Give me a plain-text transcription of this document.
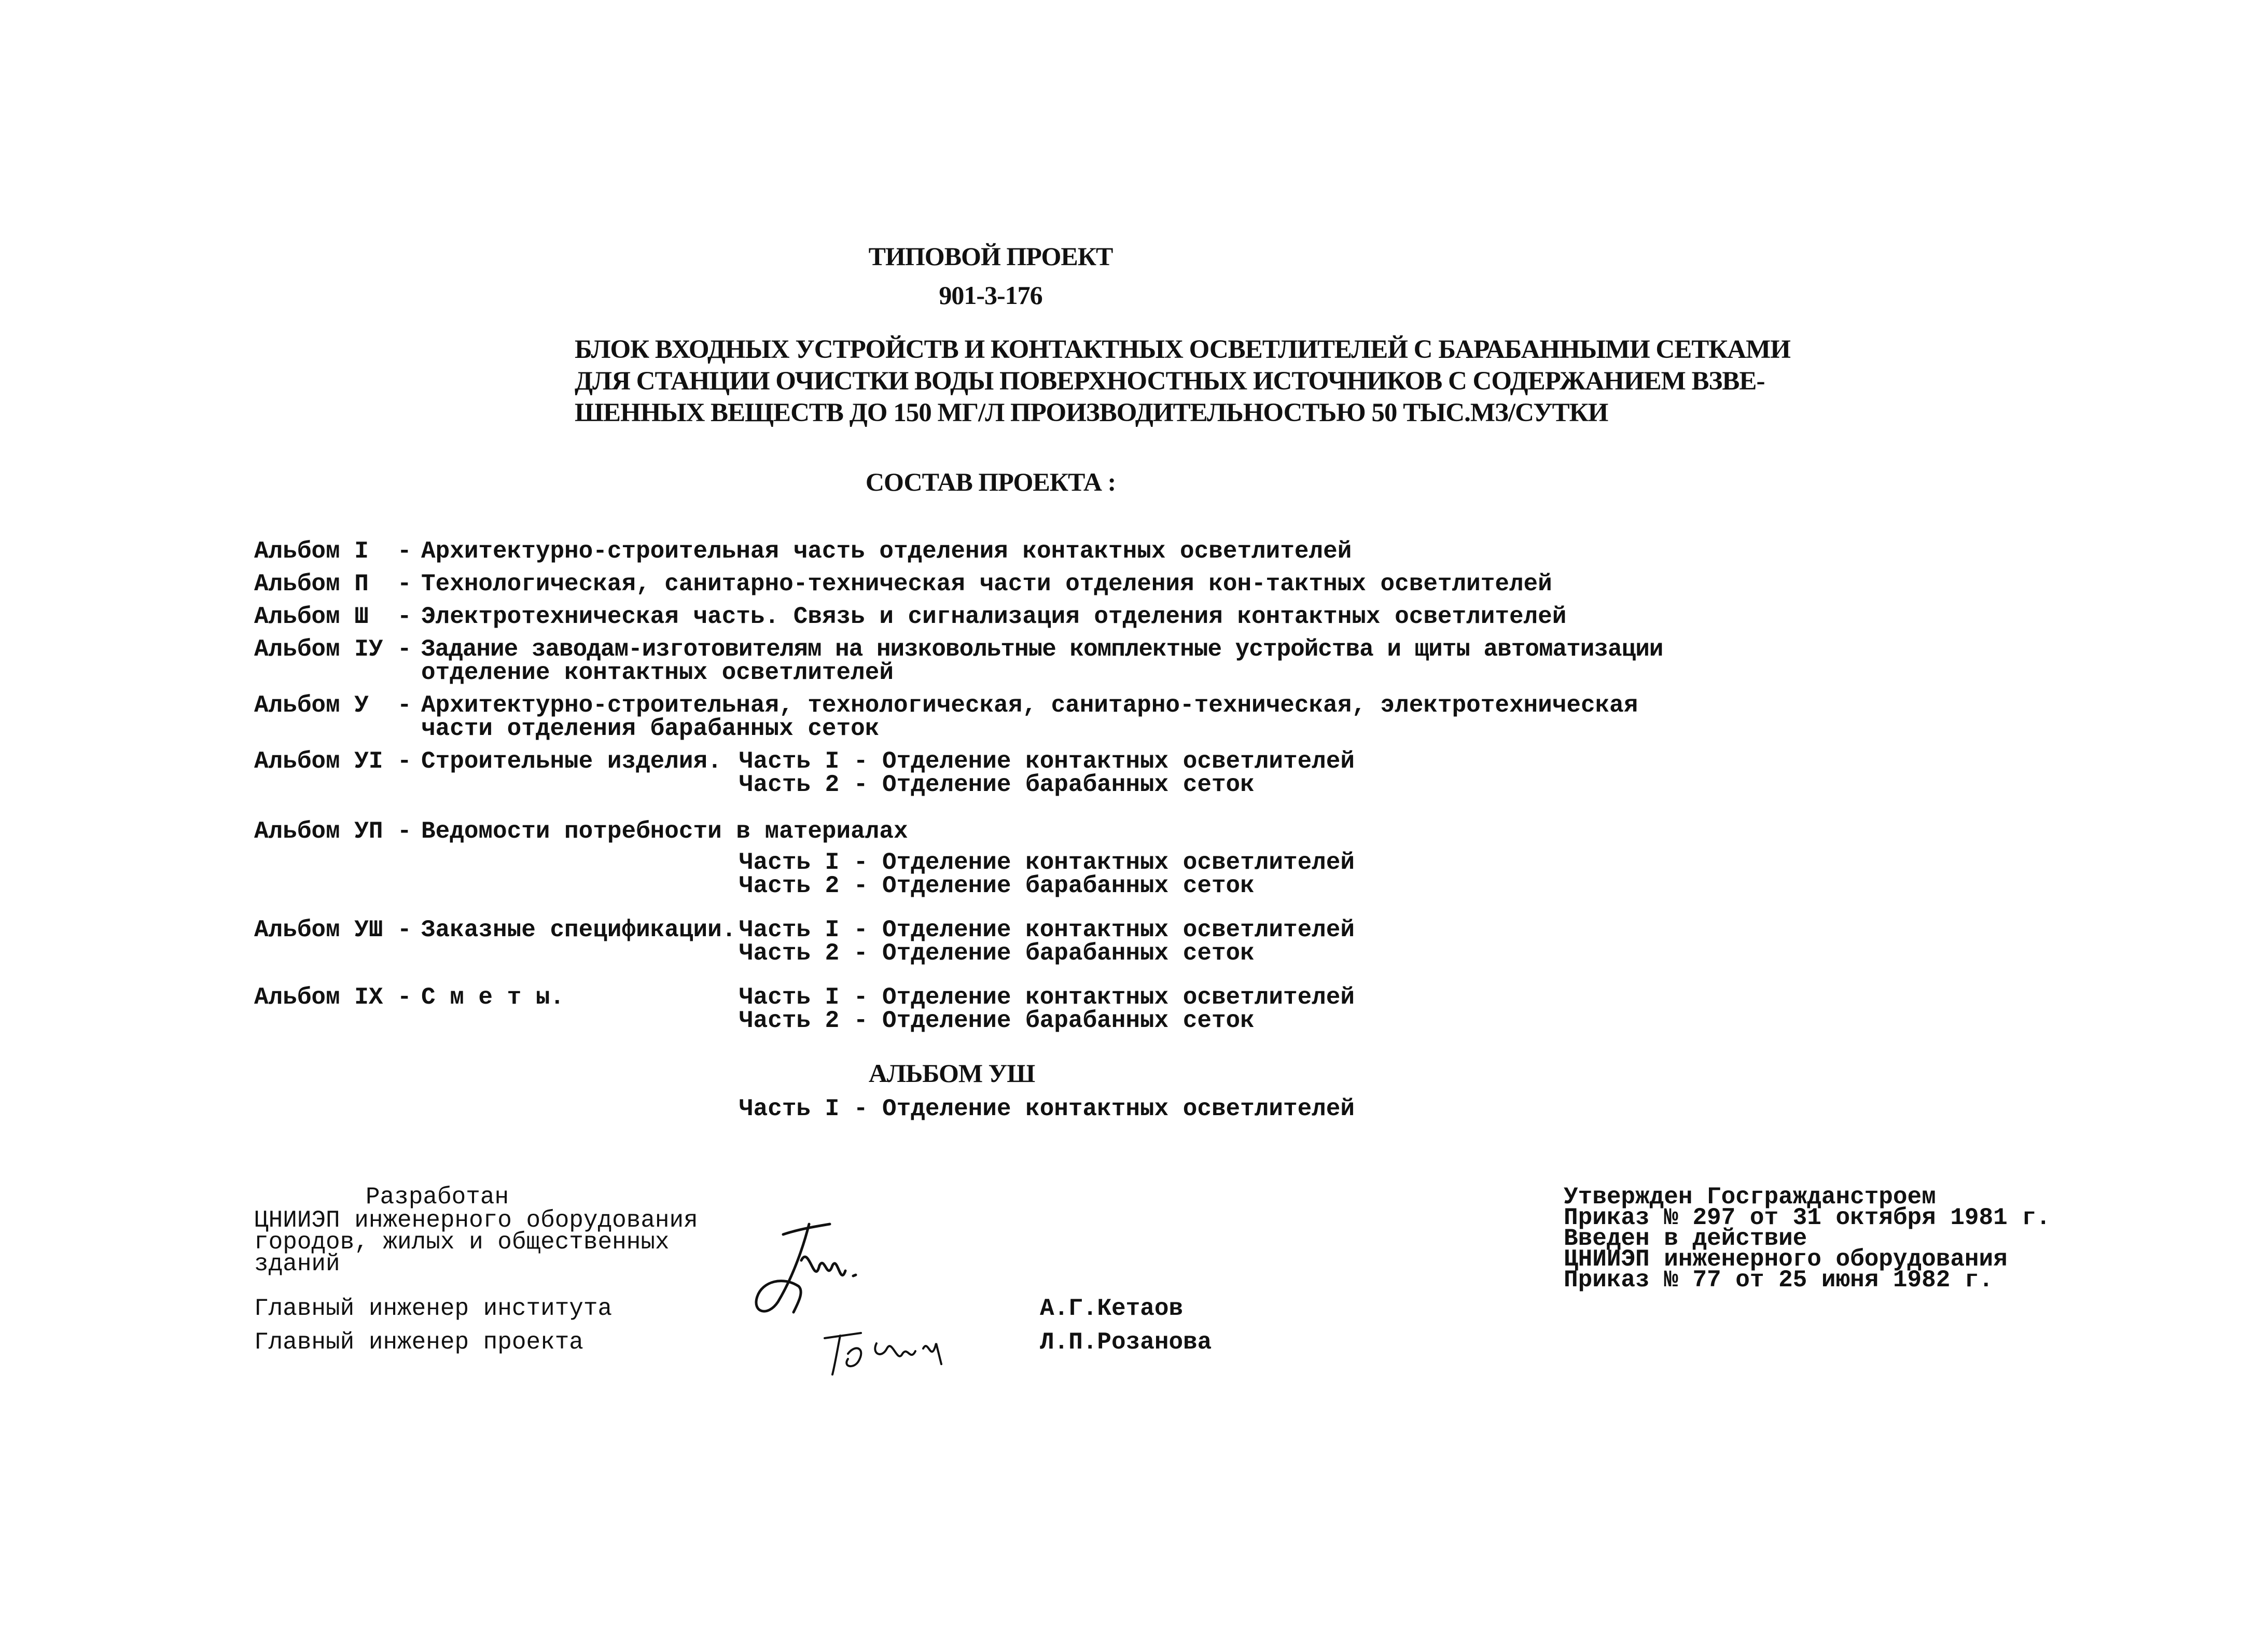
ТИПОВОЙ ПРОЕКТ
901-3-176
БЛОК ВХОДНЫХ УСТРОЙСТВ И КОНТАКТНЫХ ОСВЕТЛИТЕЛЕЙ С БАРАБАННЫМИ СЕТКАМИ
ДЛЯ СТАНЦИИ ОЧИСТКИ ВОДЫ ПОВЕРХНОСТНЫХ ИСТОЧНИКОВ С СОДЕРЖАНИЕМ ВЗВЕ-
ШЕННЫХ ВЕЩЕСТВ ДО 150 МГ/Л ПРОИЗВОДИТЕЛЬНОСТЬЮ 50 ТЫС.МЗ/СУТКИ
СОСТАВ ПРОЕКТА :
Альбом I  - Архитектурно-строительная часть отделения контактных осветлителей
Альбом П  - Технологическая, санитарно-техническая части отделения кон-тактных осветлителей
Альбом Ш  - Электротехническая часть. Связь и сигнализация отделения контактных осветлителей
Альбом IУ - Задание заводам-изготовителям на низковольтные комплектные устройства и щиты автоматизации
отделение контактных осветлителей
Альбом У  - Архитектурно-строительная, технологическая, санитарно-техническая, электротехническая
части отделения барабанных сеток
Альбом УI - Строительные изделия. Часть I - Отделение контактных осветлителей
Часть 2 - Отделение барабанных сеток
Альбом УП - Ведомости потребности в материалах
Часть I - Отделение контактных осветлителей
Часть 2 - Отделение барабанных сеток
Альбом УШ - Заказные спецификации. Часть I - Отделение контактных осветлителей
Часть 2 - Отделение барабанных сеток
Альбом IX - С м е т ы.	Часть I - Отделение контактных осветлителей
Часть 2 - Отделение барабанных сеток
АЛЬБОМ УШ
Часть I - Отделение контактных осветлителей
Разработан
ЦНИИЭП инженерного оборудования
городов, жилых и общественных
зданий
Главный инженер института
Главный инженер проекта
А.Г.Кетаов
Л.П.Розанова
Утвержден Госгражданстроем
Приказ № 297 от 31 октября 1981 г.
Введен в действие
ЦНИИЭП инженерного оборудования
Приказ № 77 от 25 июня 1982 г.
